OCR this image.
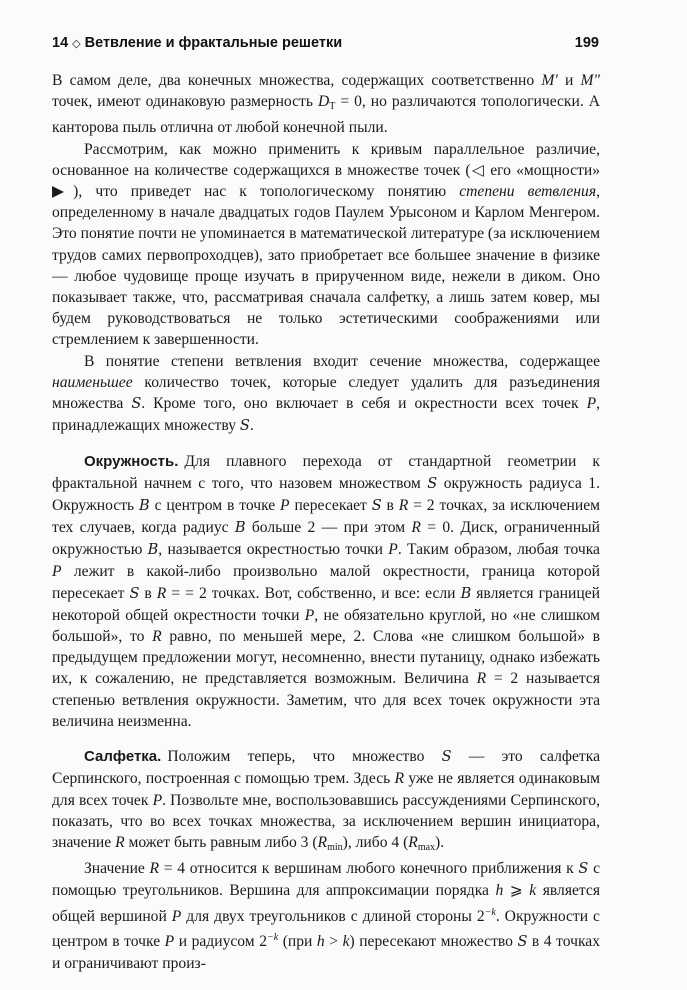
14 ◇ Ветвление и фрактальные решетки	199

В самом деле, два конечных множества, содержащих соответственно M′ и M″ точек, имеют одинаковую размерность $D_T = 0$, но различаются топологически. А канторова пыль отлична от любой конечной пыли.

Рассмотрим, как можно применить к кривым параллельное различие, основанное на количестве содержащихся в множестве точек (◁ его «мощности» ▶), что приведет нас к топологическому понятию степени ветвления, определенному в начале двадцатых годов Паулем Урысоном и Карлом Менгером. Это понятие почти не упоминается в математической литературе (за исключением трудов самих первопроходцев), зато приобретает все большее значение в физике — любое чудовище проще изучать в прирученном виде, нежели в диком. Оно показывает также, что, рассматривая сначала салфетку, а лишь затем ковер, мы будем руководствоваться не только эстетическими соображениями или стремлением к завершенности.

В понятие степени ветвления входит сечение множества, содержащее наименьшее количество точек, которые следует удалить для разъединения множества S. Кроме того, оно включает в себя и окрестности всех точек P, принадлежащих множеству S.

Окружность. Для плавного перехода от стандартной геометрии к фрактальной начнем с того, что назовем множеством S окружность радиуса 1. Окружность B с центром в точке P пересекает S в R = 2 точках, за исключением тех случаев, когда радиус B больше 2 — при этом R = 0. Диск, ограниченный окружностью B, называется окрестностью точки P. Таким образом, любая точка P лежит в какой-либо произвольно малой окрестности, граница которой пересекает S в R = = 2 точках. Вот, собственно, и все: если B является границей некоторой общей окрестности точки P, не обязательно круглой, но «не слишком большой», то R равно, по меньшей мере, 2. Слова «не слишком большой» в предыдущем предложении могут, несомненно, внести путаницу, однако избежать их, к сожалению, не представляется возможным. Величина R = 2 называется степенью ветвления окружности. Заметим, что для всех точек окружности эта величина неизменна.

Салфетка. Положим теперь, что множество S — это салфетка Серпинского, построенная с помощью трем. Здесь R уже не является одинаковым для всех точек P. Позвольте мне, воспользовавшись рассуждениями Серпинского, показать, что во всех точках множества, за исключением вершин инициатора, значение R может быть равным либо 3 $(R_{min})$, либо 4 $(R_{max})$.

Значение R = 4 относится к вершинам любого конечного приближения к S с помощью треугольников. Вершина для аппроксимации порядка h ⩾ k является общей вершиной P для двух треугольников с длиной стороны $2^{-k}$. Окружности с центром в точке P и радиусом $2^{-k}$ (при h > k) пересекают множество S в 4 точках и ограничивают произ-
